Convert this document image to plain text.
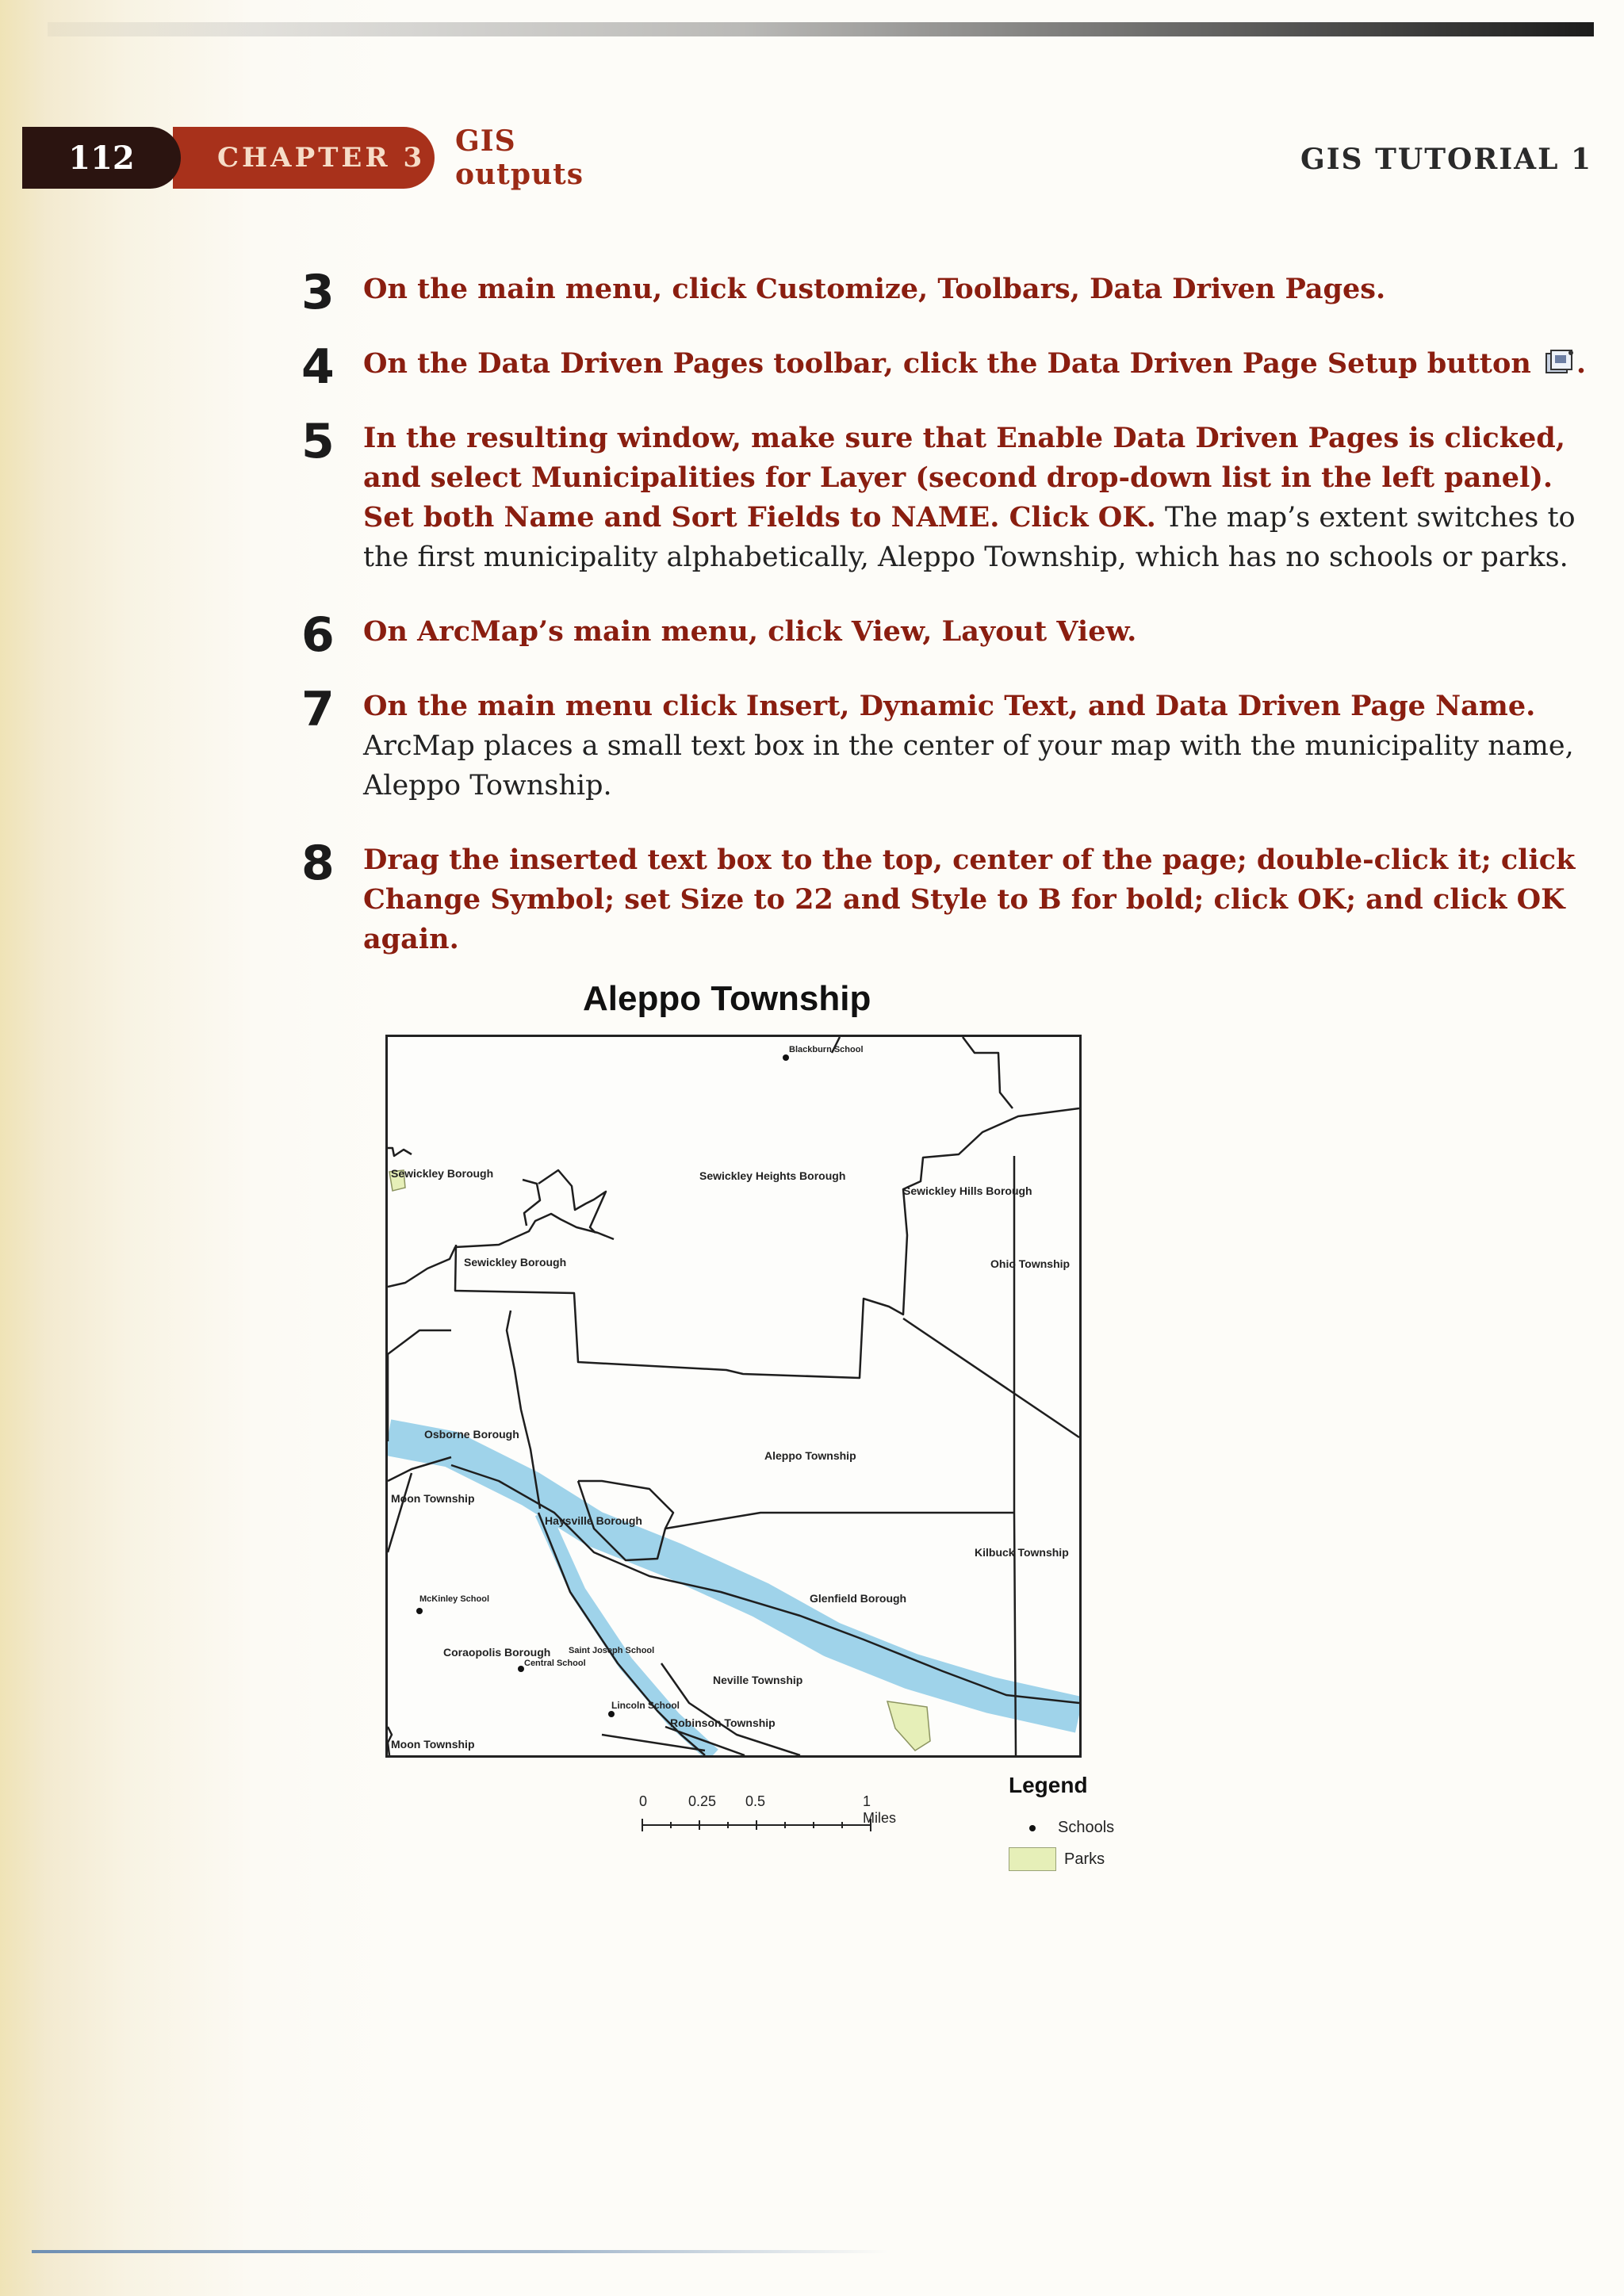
CHAPTER 3
112	GIS outputs	GIS TUTORIAL 1
3 On the main menu, click Customize, Toolbars, Data Driven Pages.
4 On the Data Driven Pages toolbar, click the Data Driven Page Setup button .
5 In the resulting window, make sure that Enable Data Driven Pages is clicked, and select Municipalities for Layer (second drop-down list in the left panel). Set both Name and Sort Fields to NAME. Click OK. The map’s extent switches to the first municipality alphabetically, Aleppo Township, which has no schools or parks.
6 On ArcMap’s main menu, click View, Layout View.
7 On the main menu click Insert, Dynamic Text, and Data Driven Page Name.
ArcMap places a small text box in the center of your map with the municipality name, Aleppo Township.
8 Drag the inserted text box to the top, center of the page; double-click it; click Change Symbol; set Size to 22 and Style to B for bold; click OK; and click OK again.
Aleppo Township
Blackburn School
Sewickley Borough	Sewickley Heights Borough
Sewickley Hills Borough
Sewickley Borough	Ohio Township
Osborne Borough
Aleppo Township
Moon Township
Haysville Borough
Kilbuck Township
McKinley School	Glenfield Borough
Coraopolis Borough Saint Joseph School
Central School
Neville Township
Lincoln School
Robinson Township
Moon Township
0	0.25 0.5	1 Miles
Legend
Schools
Parks
